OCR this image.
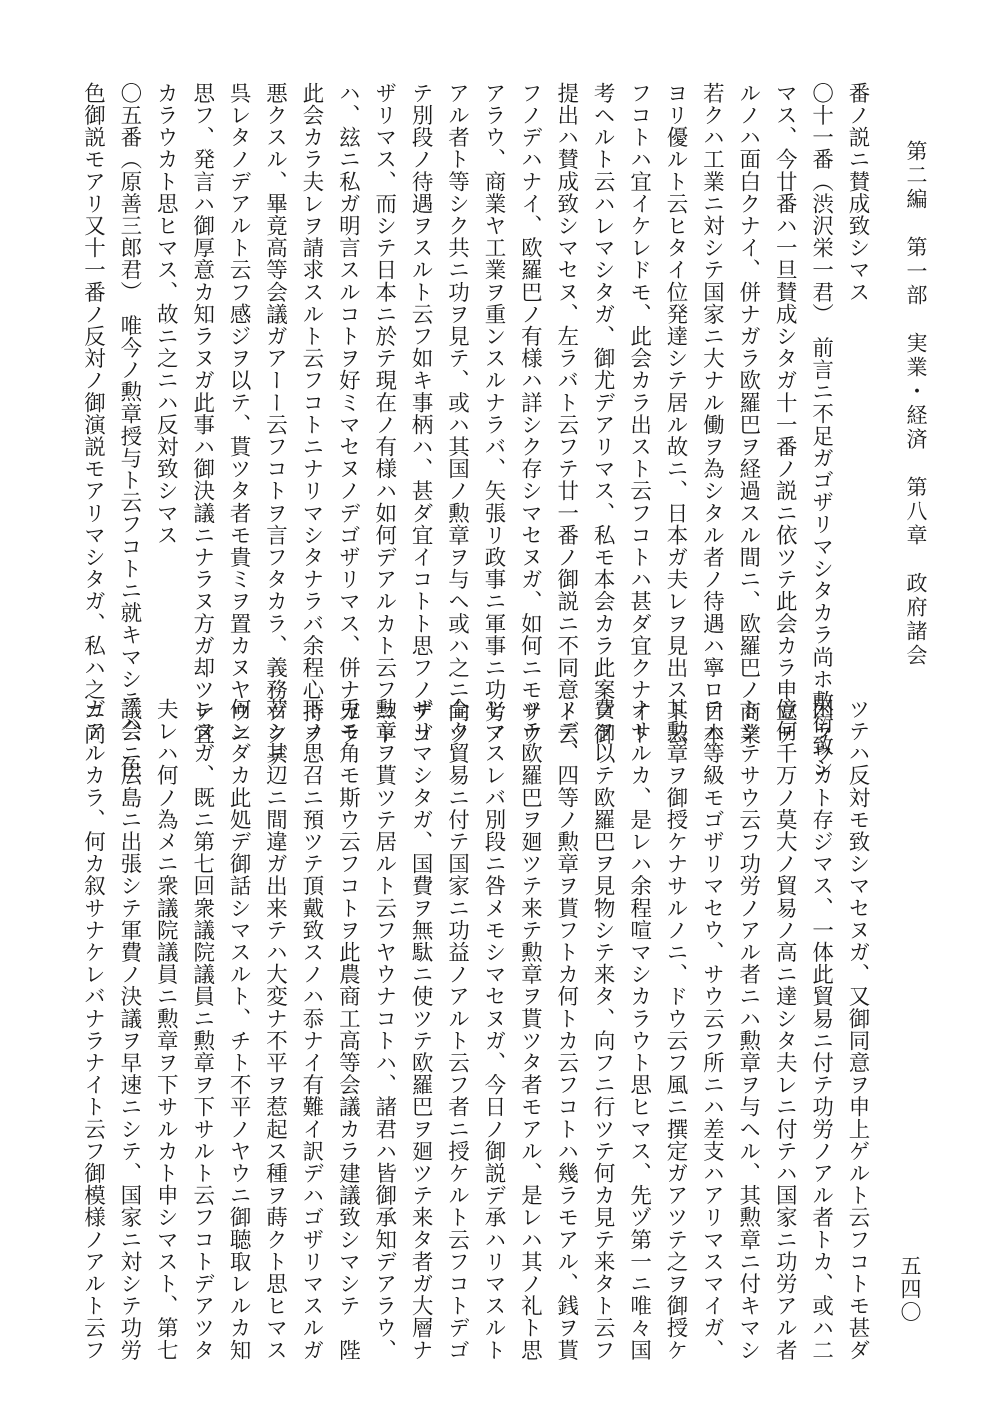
第二編　第一部　実業・経済　第八章　政府諸会
五四〇

番ノ説ニ賛成致シマス

〇十一番（渋沢栄一君）　前言ニ不足ガゴザリマシタカラ尚ホ敷衍致シ

マス、今廿番ハ一旦賛成シタガ十一番ノ説ニ依ツテ此会カラ申立テ

ルノハ面白クナイ、併ナガラ欧羅巴ヲ経過スル間ニ、欧羅巴ノ商業

若クハ工業ニ対シテ国家ニ大ナル働ヲ為シタル者ノ待遇ハ寧ロ日本

ヨリ優ルト云ヒタイ位発達シテ居ル故ニ、日本ガ夫レヲ見出スト云

フコトハ宜イケレドモ、此会カラ出スト云フコトハ甚ダ宜クナイト

考ヘルト云ハレマシタガ、御尤デアリマス、私モ本会カラ此案ノ御

提出ハ賛成致シマセヌ、左ラバト云フテ廿一番ノ御説ニ不同意ト云

フノデハナイ、欧羅巴ノ有様ハ詳シク存シマセヌガ、如何ニモサウ

アラウ、商業ヤ工業ヲ重ンスルナラバ、矢張リ政事ニ軍事ニ功労ノ

アル者ト等シク共ニ功ヲ見テ、或ハ其国ノ勲章ヲ与ヘ或ハ之ニ向ツ

テ別段ノ待遇ヲスルト云フ如キ事柄ハ、甚ダ宜イコトト思フノデゴ

ザリマス、而シテ日本ニ於テ現在ノ有様ハ如何デアルカト云フコト

ハ、玆ニ私ガ明言スルコトヲ好ミマセヌノデゴザリマス、併ナガラ

此会カラ夫レヲ請求スルト云フコトニナリマシタナラバ余程心持ヲ

悪クスル、畢竟高等会議ガアーー云フコトヲ言フタカラ、義務ヅクデ

呉レタノデアルト云フ感ジヲ以テ、貰ツタ者モ貴ミヲ置カヌヤウニ

思フ、発言ハ御厚意カ知ラヌガ此事ハ御決議ニナラヌ方ガ却ツテ宜

カラウカト思ヒマス、故ニ之ニハ反対致シマス

〇五番（原善三郎君）　唯今ノ勲章授与ト云フコトニ就キマシテハ、色

色御説モアリ又十一番ノ反対ノ御演説モアリマシタガ、私ハ之ニ向

ツテハ反対モ致シマセヌガ、又御同意ヲ申上ゲルト云フコトモ甚ダ

困ラウカト存ジマス、一体此貿易ニ付テ功労ノアル者トカ、或ハ二

億何千万ノ莫大ノ貿易ノ高ニ達シタ夫レニ付テハ国家ニ功労アル者

トシテサウ云フ功労ノアル者ニハ勲章ヲ与ヘル、其勲章ニ付キマシ

テハ等級モゴザリマセウ、サウ云フ所ニハ差支ハアリマスマイガ、

其勲章ヲ御授ケナサルノニ、ドウ云フ風ニ撰定ガアツテ之ヲ御授ケ

ナサルカ、是レハ余程喧マシカラウト思ヒマス、先ヅ第一ニ唯々国

費ヲ以テ欧羅巴ヲ見物シテ来タ、向フニ行ツテ何カ見テ来タト云フ

ノデ、四等ノ勲章ヲ貰フトカ何トカ云フコトハ幾ラモアル、銭ヲ貰

ツテ欧羅巴ヲ廻ツテ来テ勲章ヲ貰ツタ者モアル、是レハ其ノ礼ト思

ヒマスレバ別段ニ咎メモシマセヌガ、今日ノ御説デ承ハリマスルト

全ク貿易ニ付テ国家ニ功益ノアルト云フ者ニ授ケルト云フコトデゴ

ザリマシタガ、国費ヲ無駄ニ使ツテ欧羅巴ヲ廻ツテ来タ者ガ大層ナ

勲章ヲ貰ツテ居ルト云フヤウナコトハ、諸君ハ皆御承知デアラウ、

兎モ角モ斯ウ云フコトヲ此農商工高等会議カラ建議致シマシテ　陛

下ノ思召ニ預ツテ頂戴致スノハ忝ナイ有難イ訳デハゴザリマスルガ

若シ其辺ニ間違ガ出来テハ大変ナ不平ヲ惹起ス種ヲ蒔クト思ヒマス

何ンダカ此処デ御話シマスルト、チト不平ノヤウニ御聴取レルカ知

レヌガ、既ニ第七回衆議院議員ニ勲章ヲ下サルト云フコトデアツタ

夫レハ何ノ為メニ衆議院議員ニ勲章ヲ下サルカト申シマスト、第七

議会ニ広島ニ出張シテ軍費ノ決議ヲ早速ニシテ、国家ニ対シテ功労

ガアルカラ、何カ叙サナケレバナラナイト云フ御模様ノアルト云フ
